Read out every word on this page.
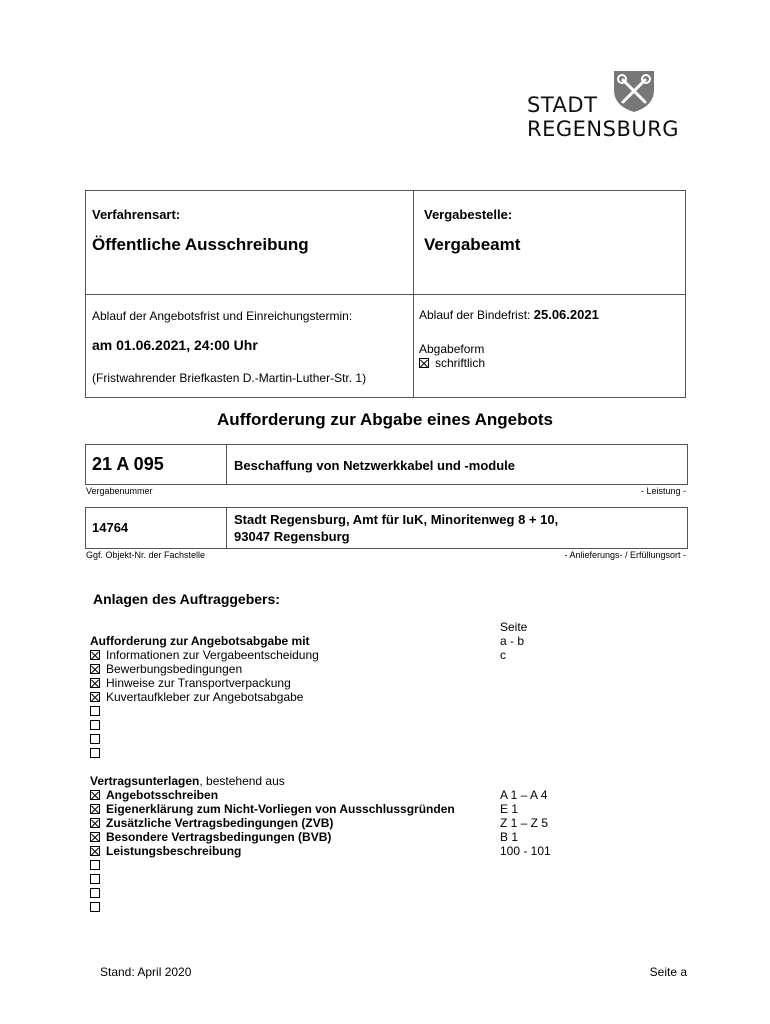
STADT
REGENSBURG
Verfahrensart:
Öffentliche Ausschreibung
Vergabestelle:
Vergabeamt
Ablauf der Angebotsfrist und Einreichungstermin:
am 01.06.2021, 24:00 Uhr
(Fristwahrender Briefkasten D.-Martin-Luther-Str. 1)
Ablauf der Bindefrist: 25.06.2021
Abgabeform
schriftlich
Aufforderung zur Abgabe eines Angebots
21 A 095	Beschaffung von Netzwerkkabel und -module
Vergabenummer	- Leistung -
14764
Stadt Regensburg, Amt für IuK, Minoritenweg 8 + 10,
93047 Regensburg
Ggf. Objekt-Nr. der Fachstelle	- Anlieferungs- / Erfüllungsort -
Anlagen des Auftraggebers:
Seite
Aufforderung zur Angebotsabgabe mit	a - b
Informationen zur Vergabeentscheidung	c
Bewerbungsbedingungen
Hinweise zur Transportverpackung
Kuvertaufkleber zur Angebotsabgabe
Vertragsunterlagen, bestehend aus
Angebotsschreiben	A 1 – A 4
Eigenerklärung zum Nicht-Vorliegen von Ausschlussgründen	E 1
Zusätzliche Vertragsbedingungen (ZVB)	Z 1 – Z 5
Besondere Vertragsbedingungen (BVB)	B 1
Leistungsbeschreibung	100 - 101
Stand: April 2020	Seite a
